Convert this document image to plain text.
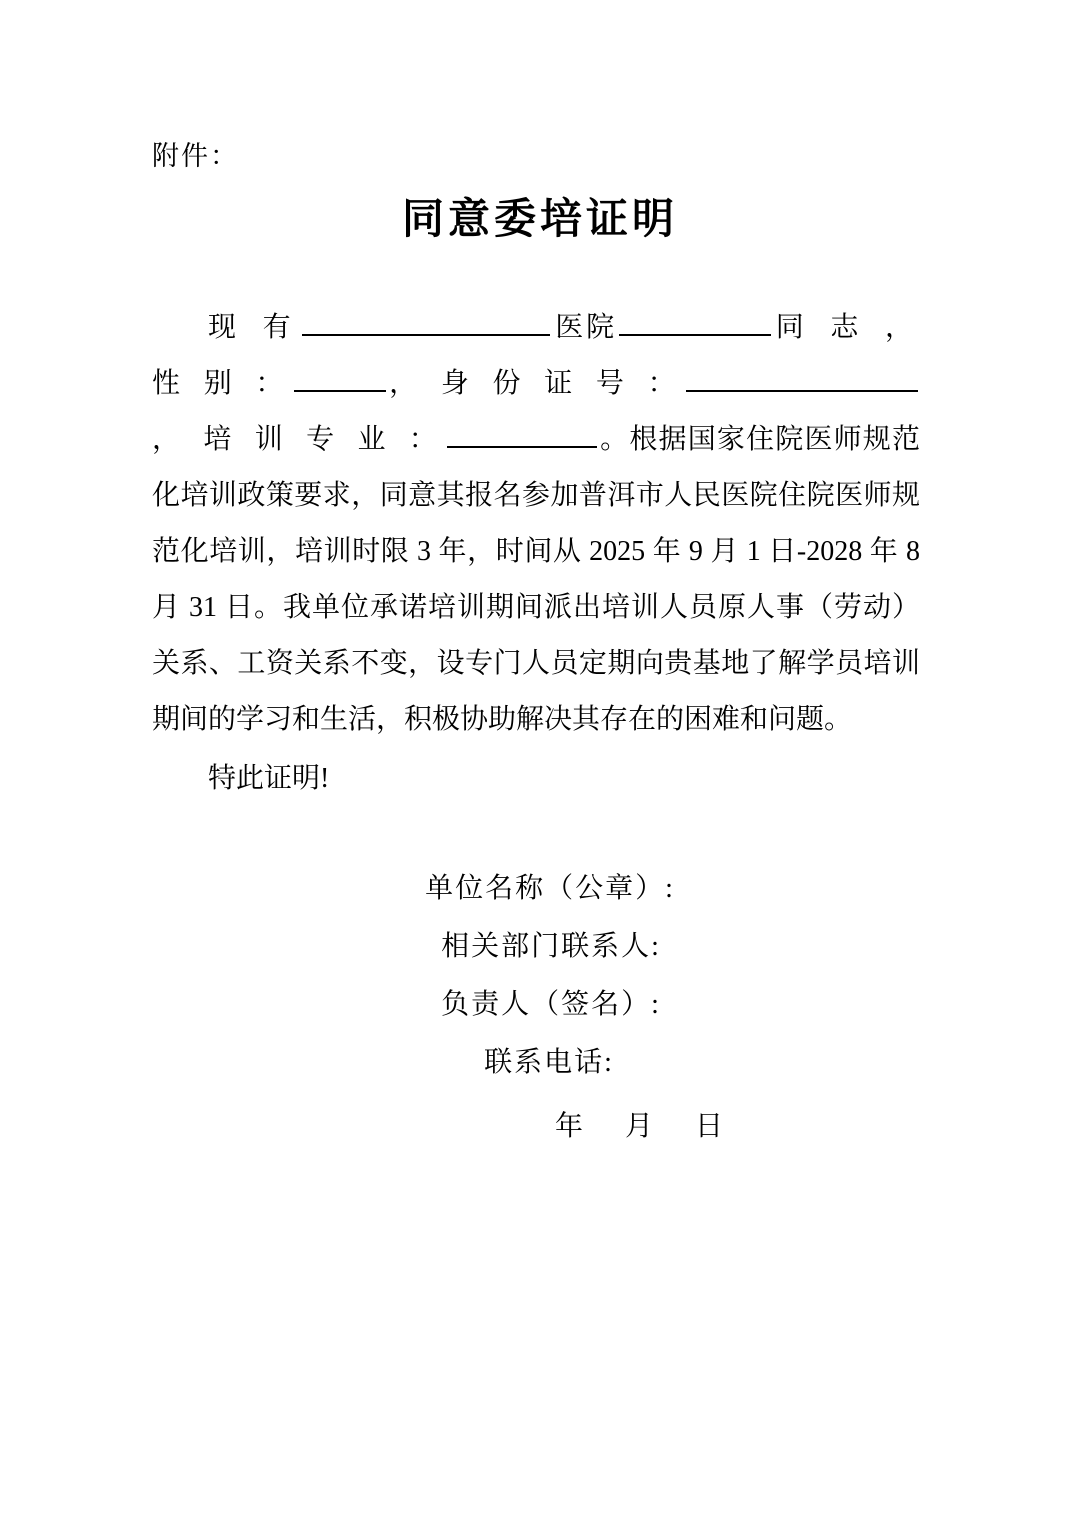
附件：
同意委培证明

现 有	医院	同 志 ， 性 别 ：	， 身 份 证 号 ：， 培 训 专 业 ：	。根据国家住院医师规范化培训政策要求，同意其报名参加普洱市人民医院住院医师规范化培训，培训时限 3 年，时间从 2025 年 9 月 1 日-2028 年 8 月 31 日。我单位承诺培训期间派出培训人员原人事（劳动）关系、工资关系不变，设专门人员定期向贵基地了解学员培训期间的学习和生活，积极协助解决其存在的困难和问题。

特此证明!
单位名称（公章）:
相关部门联系人:
负责人（签名）:
联系电话:
年 月 日
